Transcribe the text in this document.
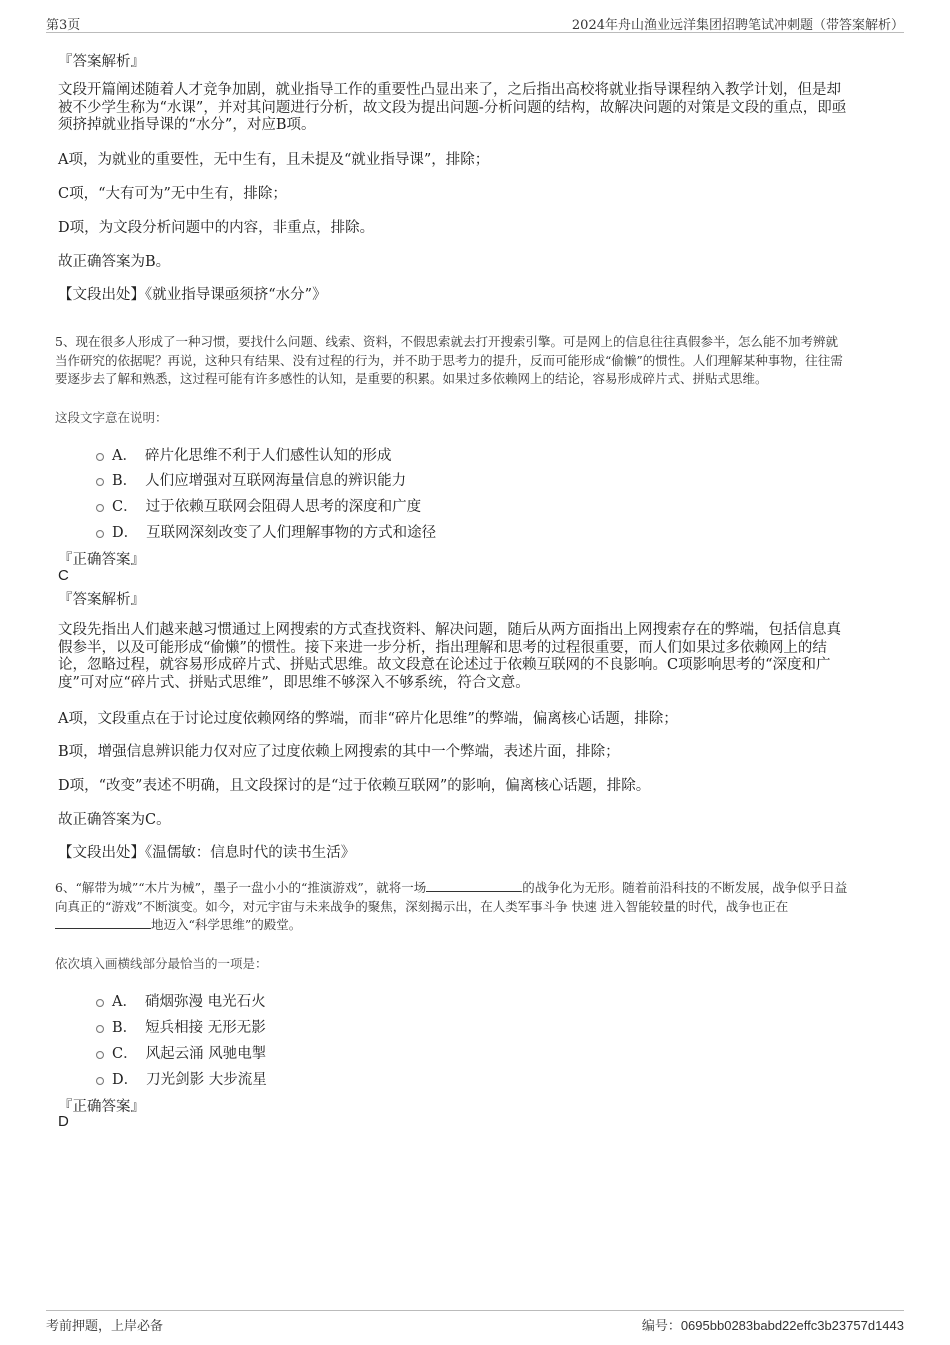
第3页	2024年舟山渔业远洋集团招聘笔试冲刺题（带答案解析）
『答案解析』
文段开篇阐述随着人才竞争加剧，就业指导工作的重要性凸显出来了，之后指出高校将就业指导课程纳入教学计划，但是却
被不少学生称为“水课”，并对其问题进行分析，故文段为提出问题-分析问题的结构，故解决问题的对策是文段的重点，即亟
须挤掉就业指导课的“水分”，对应B项。
A项，为就业的重要性，无中生有，且未提及“就业指导课”，排除；
C项，“大有可为”无中生有，排除；
D项，为文段分析问题中的内容，非重点，排除。
故正确答案为B。
【文段出处】《就业指导课亟须挤“水分”》
5、现在很多人形成了一种习惯，要找什么问题、线索、资料，不假思索就去打开搜索引擎。可是网上的信息往往真假参半，怎么能不加考辨就
当作研究的依据呢？再说，这种只有结果、没有过程的行为，并不助于思考力的提升，反而可能形成“偷懒”的惯性。人们理解某种事物，往往需
要逐步去了解和熟悉，这过程可能有许多感性的认知，是重要的积累。如果过多依赖网上的结论，容易形成碎片式、拼贴式思维。
这段文字意在说明：
A． 碎片化思维不利于人们感性认知的形成
B． 人们应增强对互联网海量信息的辨识能力
C． 过于依赖互联网会阻碍人思考的深度和广度
D． 互联网深刻改变了人们理解事物的方式和途径
『正确答案』
C
『答案解析』
文段先指出人们越来越习惯通过上网搜索的方式查找资料、解决问题，随后从两方面指出上网搜索存在的弊端，包括信息真
假参半，以及可能形成“偷懒”的惯性。接下来进一步分析，指出理解和思考的过程很重要，而人们如果过多依赖网上的结
论，忽略过程，就容易形成碎片式、拼贴式思维。故文段意在论述过于依赖互联网的不良影响。C项影响思考的“深度和广
度”可对应“碎片式、拼贴式思维”，即思维不够深入不够系统，符合文意。
A项，文段重点在于讨论过度依赖网络的弊端，而非“碎片化思维”的弊端，偏离核心话题，排除；
B项，增强信息辨识能力仅对应了过度依赖上网搜索的其中一个弊端，表述片面，排除；
D项，“改变”表述不明确，且文段探讨的是“过于依赖互联网”的影响，偏离核心话题，排除。
故正确答案为C。
【文段出处】《温儒敏：信息时代的读书生活》
6、“解带为城”“木片为械”，墨子一盘小小的“推演游戏”，就将一场	的战争化为无形。随着前沿科技的不断发展，战争似乎日益
向真正的“游戏”不断演变。如今，对元宇宙与未来战争的聚焦，深刻揭示出，在人类军事斗争 快速 进入智能较量的时代，战争也正在
地迈入“科学思维”的殿堂。
依次填入画横线部分最恰当的一项是：
A． 硝烟弥漫 电光石火
B． 短兵相接 无形无影
C． 风起云涌 风驰电掣
D． 刀光剑影 大步流星
『正确答案』
D
考前押题，上岸必备	编号：0695bb0283babd22effc3b23757d1443
